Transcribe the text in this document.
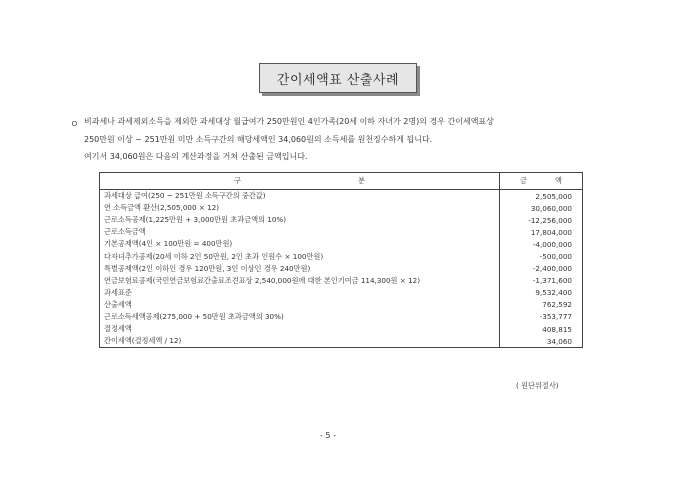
간이세액표 산출사례
ㅇ 비과세나 과세제외소득을 제외한 과세대상 월급여가 250만원인 4인가족(20세 이하 자녀가 2명)의 경우 간이세액표상
250만원 이상 ~ 251만원 미만 소득구간의 해당세액인 34,060원의 소득세를 원천징수하게 됩니다.
여기서 34,060원은 다음의 계산과정을 거쳐 산출된 금액입니다.
구 분	금 액

과세대상 급여(250 ~ 251만원 소득구간의 중간값)	2,505,000
연 소득금액 환산(2,505,000 × 12)	30,060,000
근로소득공제(1,225만원 + 3,000만원 초과금액의 10%)	-12,256,000
근로소득금액	17,804,000
기본공제액(4인 × 100만원 = 400만원)	-4,000,000
다자녀추가공제(20세 이하 2인 50만원, 2인 초과 인원수 × 100만원)	-500,000
특별공제액(2인 이하인 경우 120만원, 3인 이상인 경우 240만원)	-2,400,000
연금보험료공제(국민연금보험료간출료조견표상 2,540,000원에 대한 본인기여금 114,300원 × 12)	-1,371,600
과세표준	9,532,400
산출세액	762,592
근로소득세액공제(275,000 + 50만원 초과금액의 30%)	-353,777
결정세액	408,815
간이세액(결정세액 / 12)	34,060
( 원단위절사)
- 5 -
